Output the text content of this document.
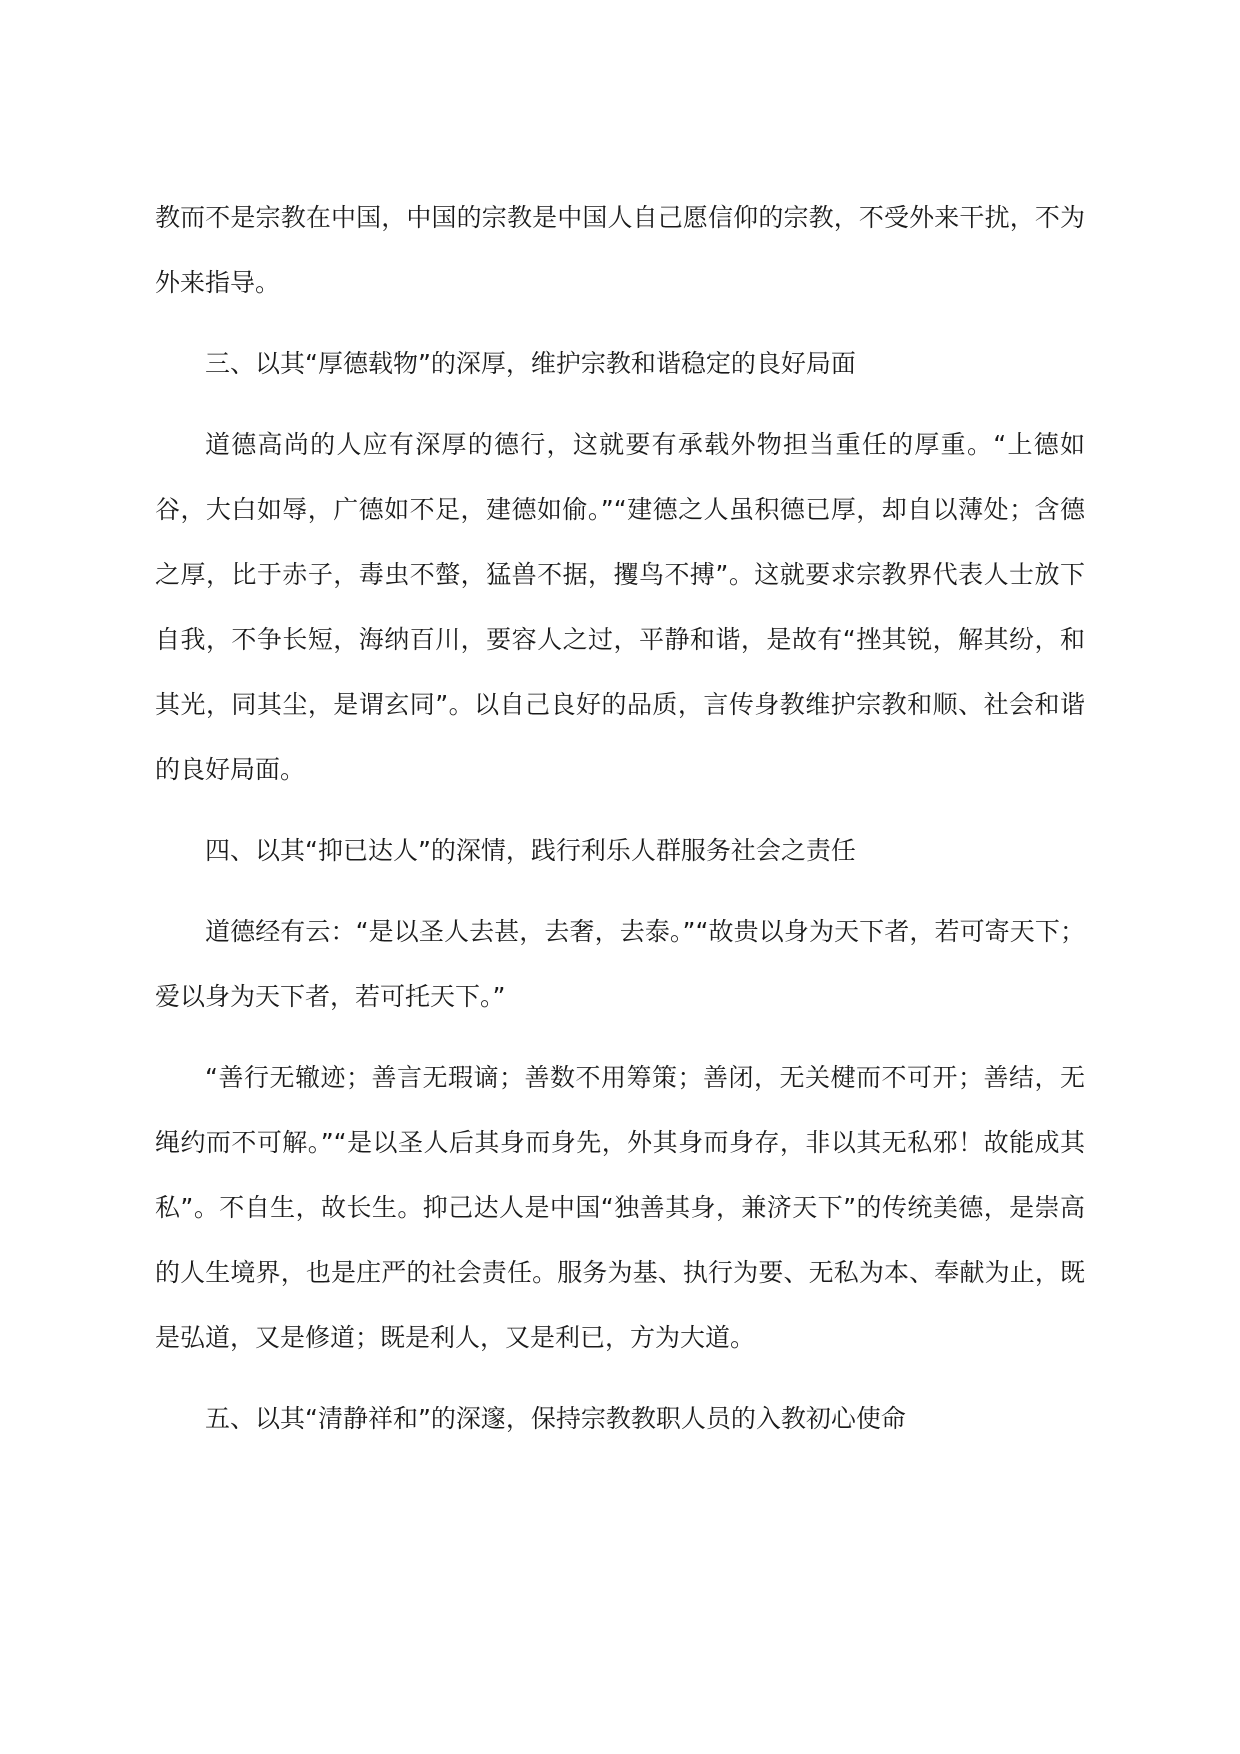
教而不是宗教在中国，中国的宗教是中国人自己愿信仰的宗教，不受外来干扰，不为外来指导。

三、以其“厚德载物”的深厚，维护宗教和谐稳定的良好局面

道德高尚的人应有深厚的德行，这就要有承载外物担当重任的厚重。“上德如谷，大白如辱，广德如不足，建德如偷。”“建德之人虽积德已厚，却自以薄处；含德之厚，比于赤子，毒虫不螫，猛兽不据，攫鸟不搏”。这就要求宗教界代表人士放下自我，不争长短，海纳百川，要容人之过，平静和谐，是故有“挫其锐，解其纷，和其光，同其尘，是谓玄同”。以自己良好的品质，言传身教维护宗教和顺、社会和谐的良好局面。

四、以其“抑已达人”的深情，践行利乐人群服务社会之责任

道德经有云：“是以圣人去甚，去奢，去泰。”“故贵以身为天下者，若可寄天下；爱以身为天下者，若可托天下。”

“善行无辙迹；善言无瑕谪；善数不用筹策；善闭，无关楗而不可开；善结，无绳约而不可解。”“是以圣人后其身而身先，外其身而身存，非以其无私邪！故能成其私”。不自生，故长生。抑己达人是中国“独善其身，兼济天下”的传统美德，是崇高的人生境界，也是庄严的社会责任。服务为基、执行为要、无私为本、奉献为止，既是弘道，又是修道；既是利人，又是利已，方为大道。

五、以其“清静祥和”的深邃，保持宗教教职人员的入教初心使命
